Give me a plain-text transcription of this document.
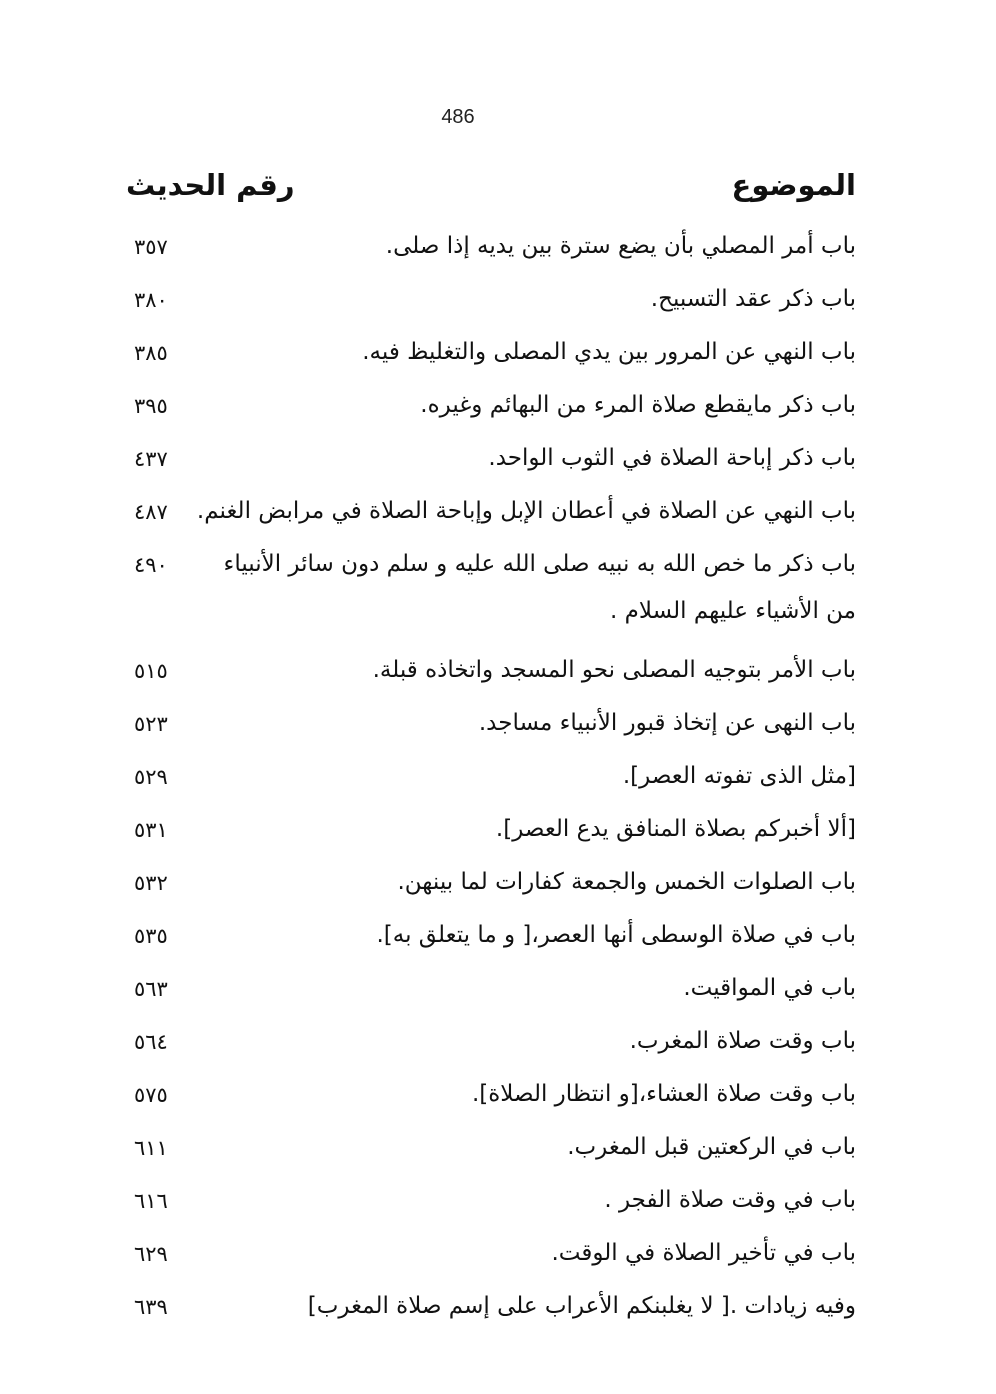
486
الموضوع
رقم الحديث
باب أمر المصلي بأن يضع سترة بين يديه إذا صلى.
٣٥٧
باب ذكر عقد التسبيح.
٣٨٠
باب النهي عن المرور بين يدي المصلى والتغليظ فيه.
٣٨٥
باب ذكر مايقطع صلاة المرء من البهائم وغيره.
٣٩٥
باب ذكر إباحة الصلاة في الثوب الواحد.
٤٣٧
باب النهي عن الصلاة في أعطان الإبل وإباحة الصلاة في مرابض الغنم.
٤٨٧
باب ذكر ما خص الله به نبيه صلى الله عليه و سلم دون سائر الأنبياء
٤٩٠
من الأشياء عليهم السلام .
باب الأمر بتوجيه المصلى نحو المسجد واتخاذه قبلة.
٥١٥
باب النهى عن إتخاذ قبور الأنبياء مساجد.
٥٢٣
[مثل الذى تفوته العصر].
٥٢٩
[ألا أخبركم بصلاة المنافق يدع العصر].
٥٣١
باب الصلوات الخمس والجمعة كفارات لما بينهن.
٥٣٢
باب في صلاة الوسطى أنها العصر،[ و ما يتعلق به].
٥٣٥
باب في المواقيت.
٥٦٣
باب وقت صلاة المغرب.
٥٦٤
باب وقت صلاة العشاء،[و انتظار الصلاة].
٥٧٥
باب في الركعتين قبل المغرب.
٦١١
باب في وقت صلاة الفجر .
٦١٦
باب في تأخير الصلاة في الوقت.
٦٢٩
وفيه زيادات .[ لا يغلبنكم الأعراب على إسم صلاة المغرب]
٦٣٩
